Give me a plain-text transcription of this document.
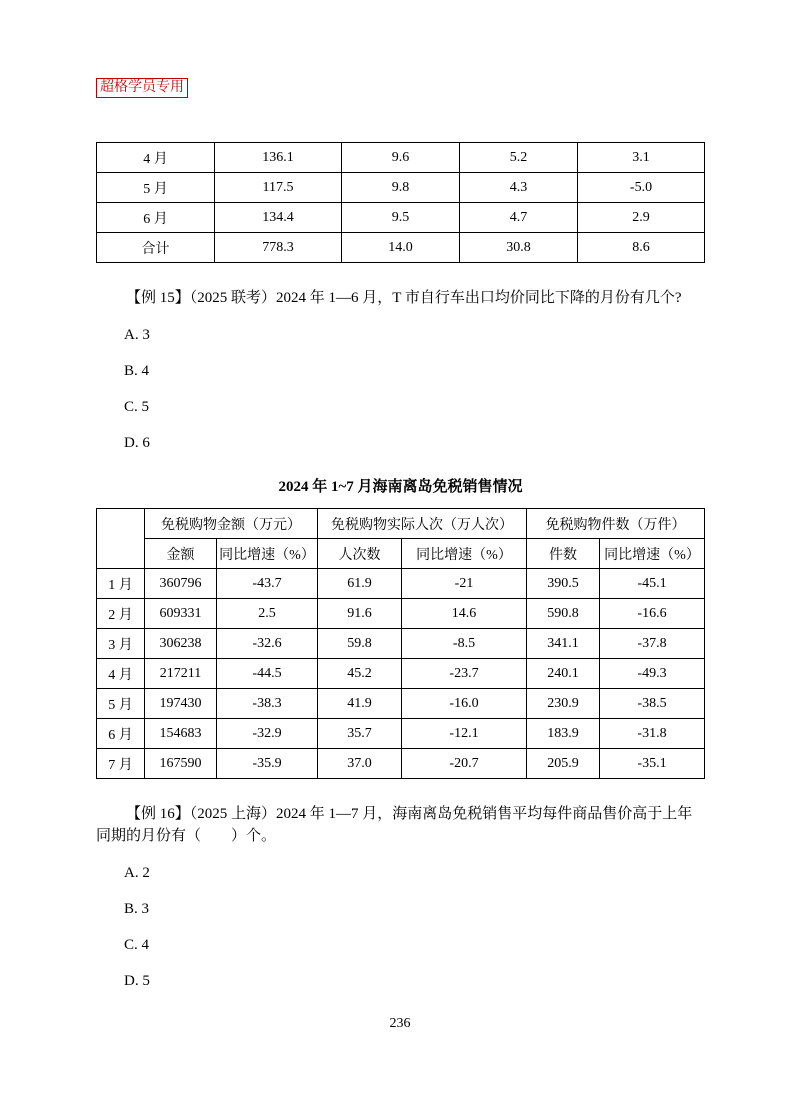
超格学员专用
4 月	136.1	9.6	5.2	3.1
5 月	117.5	9.8	4.3	-5.0
6 月	134.4	9.5	4.7	2.9
合计	778.3	14.0	30.8	8.6

【例 15】（2025 联考）2024 年 1—6 月，T 市自行车出口均价同比下降的月份有几个?

A. 3

B. 4

C. 5

D. 6

2024 年 1~7 月海南离岛免税销售情况
	免税购物金额（万元）		免税购物实际人次（万人次）		免税购物件数（万件）	
	金额	同比增速（%）	人次数	同比增速（%）	件数	同比增速（%）
1 月	360796	-43.7	61.9	-21	390.5	-45.1
2 月	609331	2.5	91.6	14.6	590.8	-16.6
3 月	306238	-32.6	59.8	-8.5	341.1	-37.8
4 月	217211	-44.5	45.2	-23.7	240.1	-49.3
5 月	197430	-38.3	41.9	-16.0	230.9	-38.5
6 月	154683	-32.9	35.7	-12.1	183.9	-31.8
7 月	167590	-35.9	37.0	-20.7	205.9	-35.1

【例 16】（2025 上海）2024 年 1—7 月，海南离岛免税销售平均每件商品售价高于上年同期的月份有（　　）个。

A. 2

B. 3

C. 4

D. 5

236
